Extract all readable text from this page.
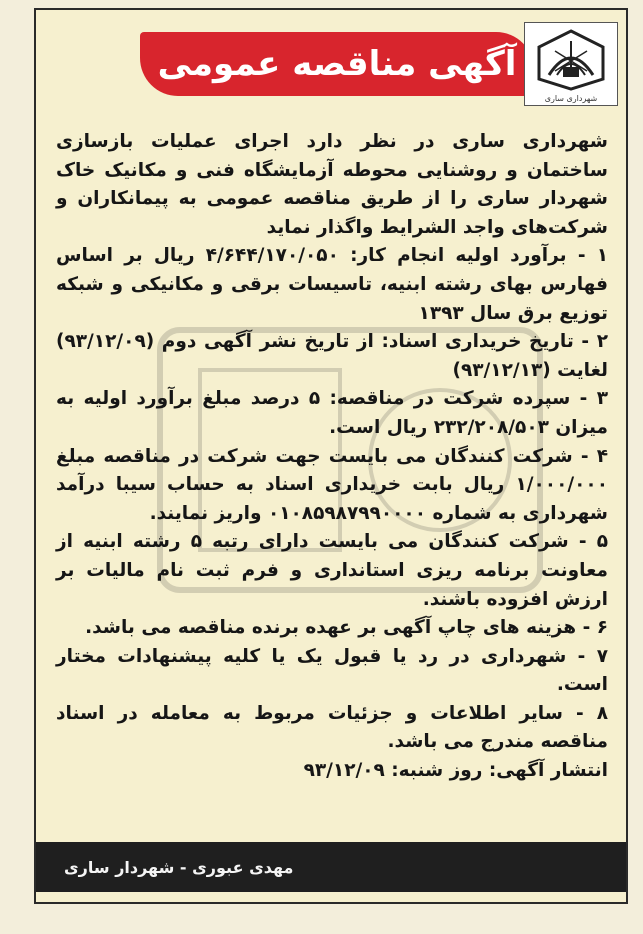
آگهی مناقصه عمومی
شهرداری ساری

شهرداری ساری در نظر دارد اجرای عملیات بازسازی ساختمان و روشنایی محوطه آزمایشگاه فنی و مکانیک خاک شهردار ساری را از طریق مناقصه عمومی به پیمانکاران و شرکت‌های واجد الشرایط واگذار نماید

۱ - برآورد اولیه انجام کار: ۴/۶۴۴/۱۷۰/۰۵۰ ریال بر اساس فهارس بهای رشته ابنیه، تاسیسات برقی و مکانیکی و شبکه توزیع برق سال ۱۳۹۳

۲ - تاریخ خریداری اسناد: از تاریخ نشر آگهی دوم (۹۳/۱۲/۰۹) لغایت (۹۳/۱۲/۱۳)

۳ - سپرده شرکت در مناقصه: ۵ درصد مبلغ برآورد اولیه به میزان ۲۳۲/۲۰۸/۵۰۳ ریال است.

۴ - شرکت کنندگان می بایست جهت شرکت در مناقصه مبلغ ۱/۰۰۰/۰۰۰ ریال بابت خریداری اسناد به حساب سیبا درآمد شهرداری به شماره ۰۱۰۸۵۹۸۷۹۹۰۰۰۰ واریز نمایند.

۵ - شرکت کنندگان می بایست دارای رتبه ۵ رشته ابنیه از معاونت برنامه ریزی استانداری و فرم ثبت نام مالیات بر ارزش افزوده باشند.

۶ - هزینه های چاپ آگهی بر عهده برنده مناقصه می باشد.

۷ - شهرداری در رد یا قبول یک یا کلیه پیشنهادات مختار است.

۸ - سایر اطلاعات و جزئیات مربوط به معامله در اسناد مناقصه مندرج می باشد.

انتشار آگهی: روز شنبه: ۹۳/۱۲/۰۹

مهدی عبوری - شهردار ساری
